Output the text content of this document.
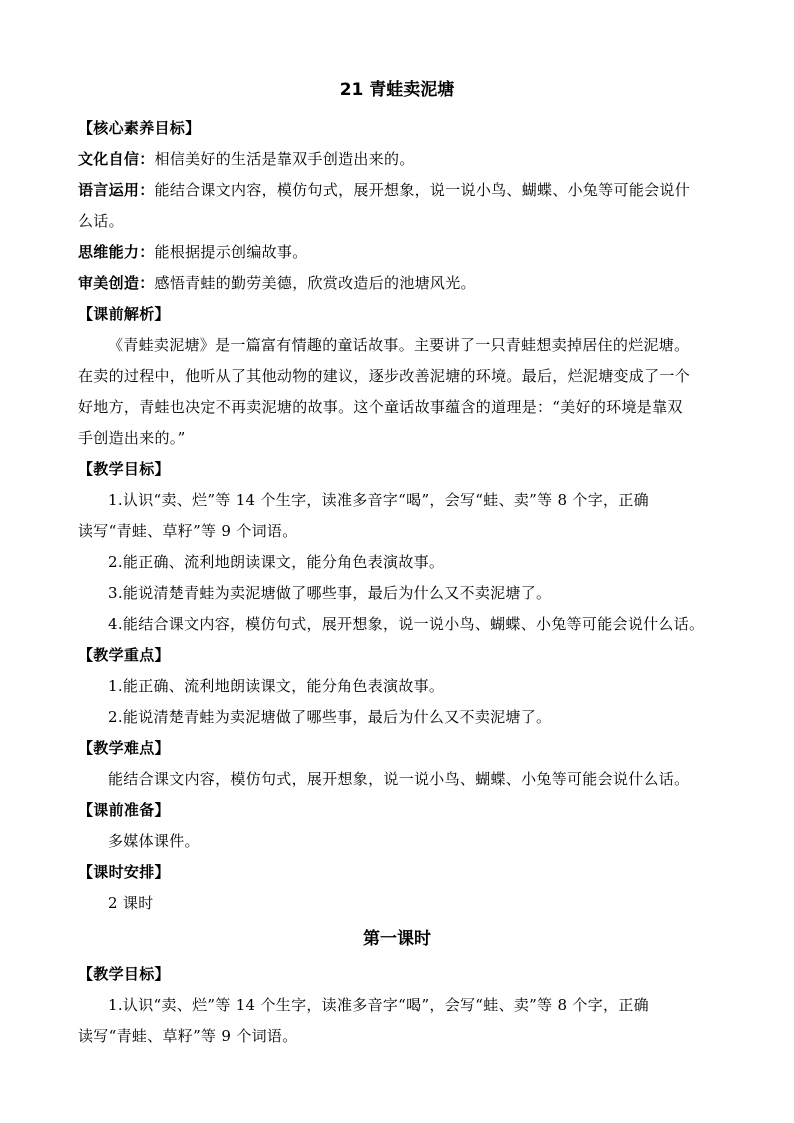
21 青蛙卖泥塘
【核心素养目标】
文化自信：相信美好的生活是靠双手创造出来的。
语言运用：能结合课文内容，模仿句式，展开想象，说一说小鸟、蝴蝶、小兔等可能会说什
么话。
思维能力：能根据提示创编故事。
审美创造：感悟青蛙的勤劳美德，欣赏改造后的池塘风光。
【课前解析】
《青蛙卖泥塘》是一篇富有情趣的童话故事。主要讲了一只青蛙想卖掉居住的烂泥塘。
在卖的过程中，他听从了其他动物的建议，逐步改善泥塘的环境。最后，烂泥塘变成了一个
好地方，青蛙也决定不再卖泥塘的故事。这个童话故事蕴含的道理是：“美好的环境是靠双
手创造出来的。”
【教学目标】
1.认识“卖、烂”等 14 个生字，读准多音字“喝”，会写“蛙、卖”等 8 个字，正确
读写“青蛙、草籽”等 9 个词语。
2.能正确、流利地朗读课文，能分角色表演故事。
3.能说清楚青蛙为卖泥塘做了哪些事，最后为什么又不卖泥塘了。
4.能结合课文内容，模仿句式，展开想象，说一说小鸟、蝴蝶、小兔等可能会说什么话。
【教学重点】
1.能正确、流利地朗读课文，能分角色表演故事。
2.能说清楚青蛙为卖泥塘做了哪些事，最后为什么又不卖泥塘了。
【教学难点】
能结合课文内容，模仿句式，展开想象，说一说小鸟、蝴蝶、小兔等可能会说什么话。
【课前准备】
多媒体课件。
【课时安排】
2 课时
第一课时
【教学目标】
1.认识“卖、烂”等 14 个生字，读准多音字“喝”，会写“蛙、卖”等 8 个字，正确
读写“青蛙、草籽”等 9 个词语。
